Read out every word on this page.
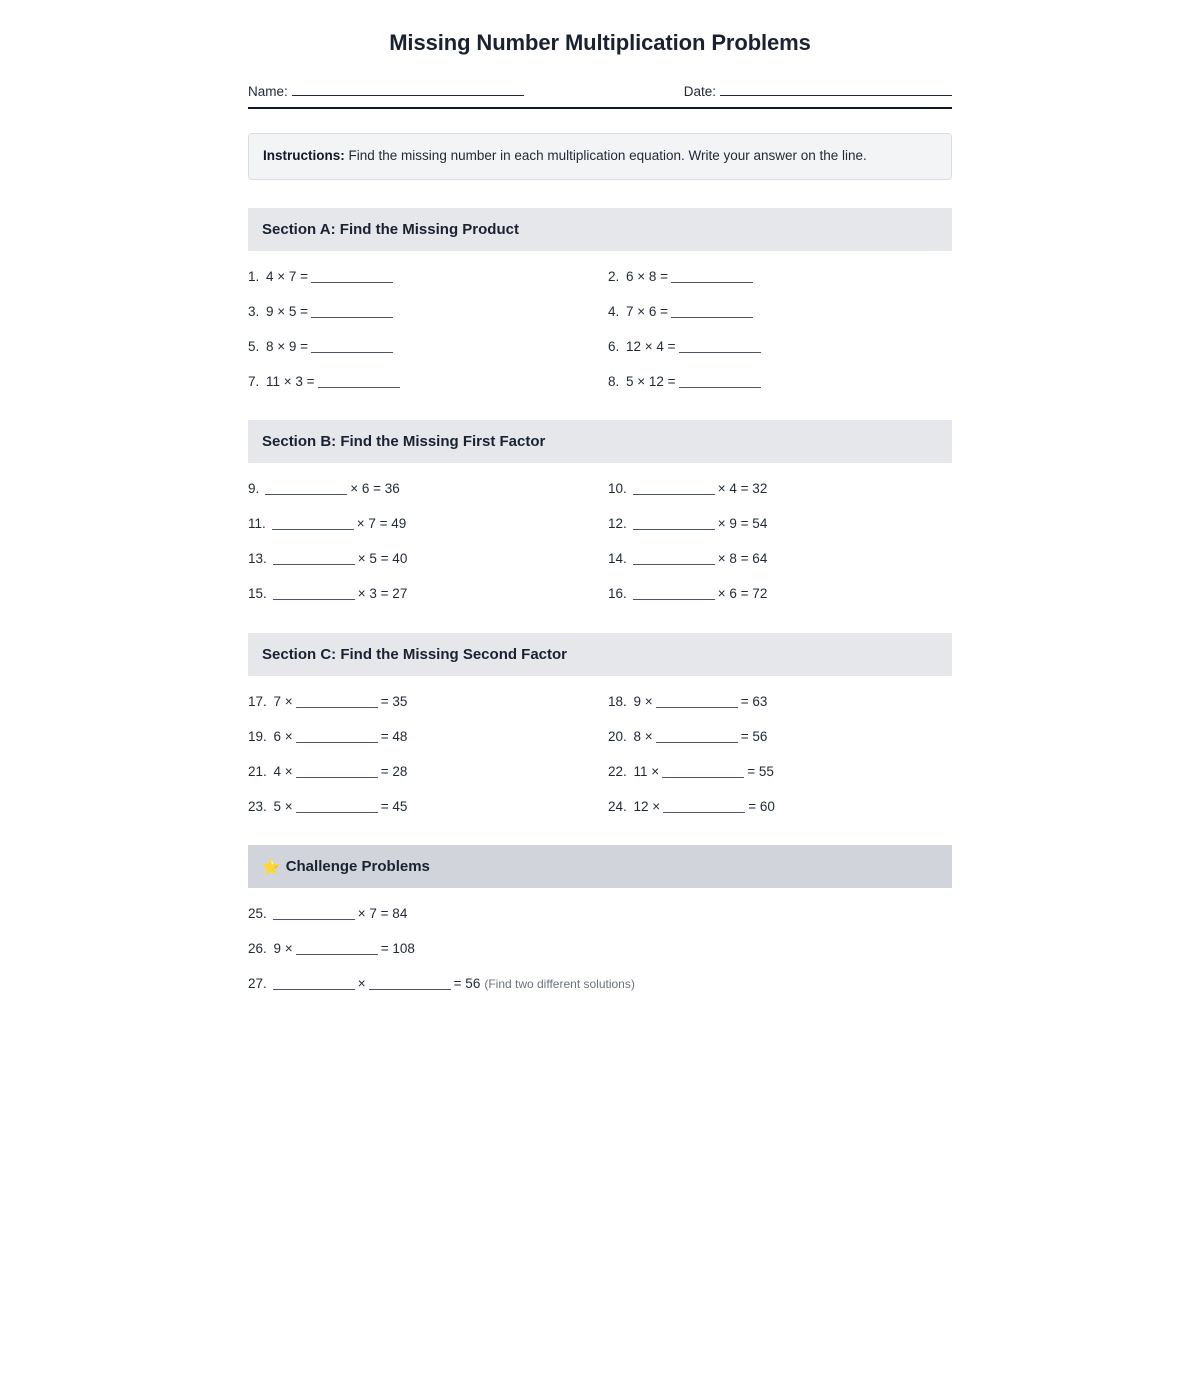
Missing Number Multiplication Problems
Name:	Date:
Instructions: Find the missing number in each multiplication equation. Write your answer on the line.
Section A: Find the Missing Product
1. 4 × 7 =	2. 6 × 8 =
3. 9 × 5 =	4. 7 × 6 =
5. 8 × 9 =	6. 12 × 4 =
7. 11 × 3 =	8. 5 × 12 =
Section B: Find the Missing First Factor
9.	× 6 = 36	10.	× 4 = 32
11.	× 7 = 49	12.	× 9 = 54
13.	× 5 = 40	14.	× 8 = 64
15.	× 3 = 27	16.	× 6 = 72
Section C: Find the Missing Second Factor
17. 7 ×	= 35	18. 9 ×	= 63
19. 6 ×	= 48	20. 8 ×	= 56
21. 4 ×	= 28	22. 11 ×	= 55
23. 5 ×	= 45	24. 12 ×	= 60
⭐ Challenge Problems
25.	× 7 = 84
26. 9 ×	= 108
27.	×	= 56 (Find two different solutions)
